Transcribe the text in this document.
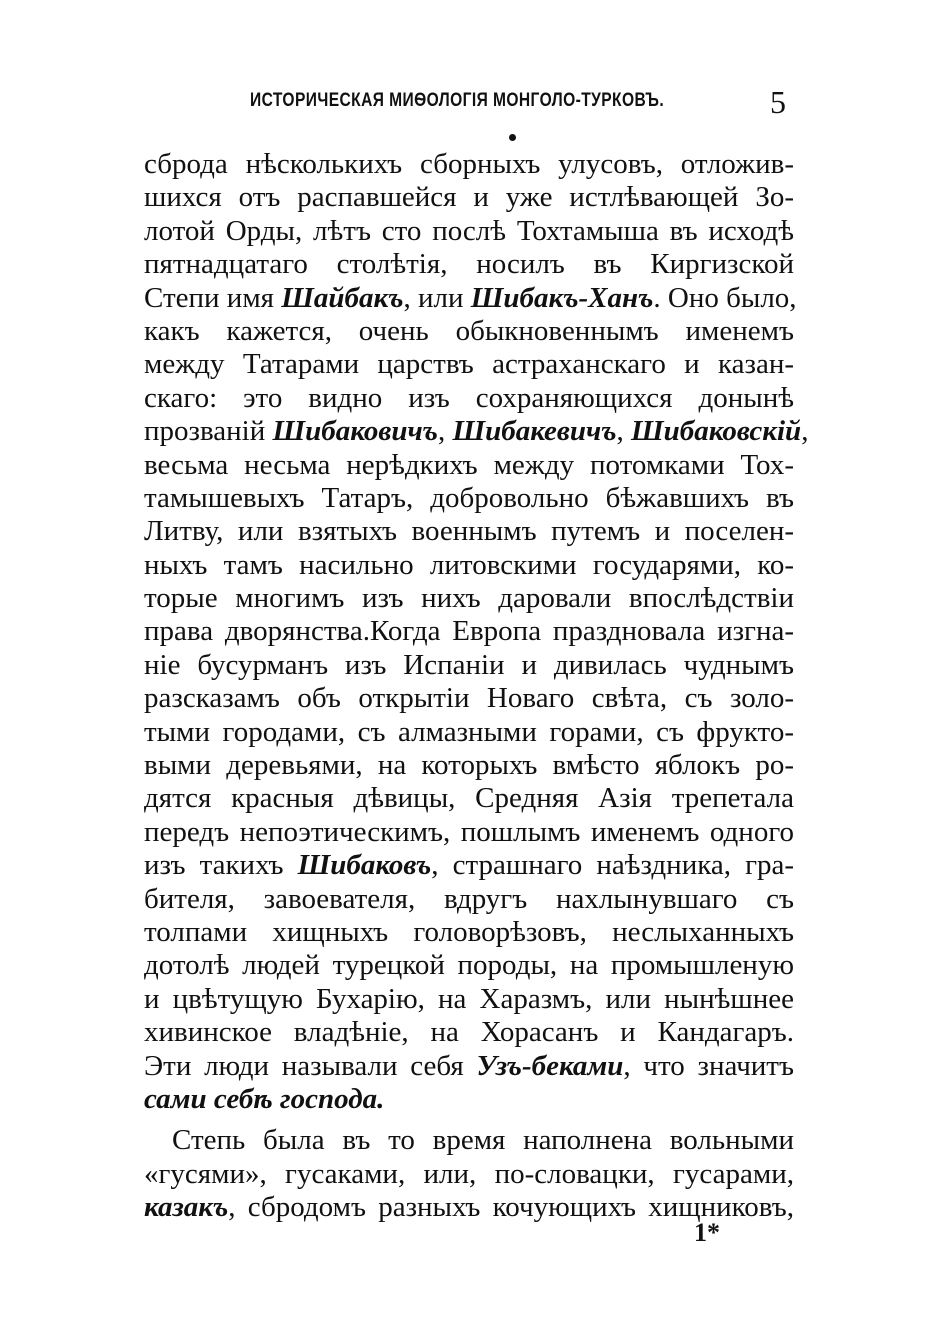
ИСТОРИЧЕСКАЯ МИѲОЛОГІЯ МОНГОЛО-ТУРКОВЪ.	5
сброда нѣсколькихъ сборныхъ улусовъ, отложив-
шихся отъ распавшейся и уже истлѣвающей Зо-
лотой Орды, лѣтъ сто послѣ Тохтамыша въ исходѣ
пятнадцатаго столѣтія, носилъ въ Киргизской
Степи имя Шайбакъ, или Шибакъ-Ханъ. Оно было,
какъ кажется, очень обыкновеннымъ именемъ
между Татарами царствъ астраханскаго и казан-
скаго: это видно изъ сохраняющихся донынѣ
прозваній Шибаковичъ, Шибакевичъ, Шибаковскій,
весьма несьма нерѣдкихъ между потомками Тох-
тамышевыхъ Татаръ, добровольно бѣжавшихъ въ
Литву, или взятыхъ военнымъ путемъ и поселен-
ныхъ тамъ насильно литовскими государями, ко-
торые многимъ изъ нихъ даровали впослѣдствіи
права дворянства.Когда Европа праздновала изгна-
ніе бусурманъ изъ Испаніи и дивилась чуднымъ
разсказамъ объ открытіи Новаго свѣта, съ золо-
тыми городами, съ алмазными горами, съ фрукто-
выми деревьями, на которыхъ вмѣсто яблокъ ро-
дятся красныя дѣвицы, Средняя Азія трепетала
передъ непоэтическимъ, пошлымъ именемъ одного
изъ такихъ Шибаковъ, страшнаго наѣздника, гра-
бителя, завоевателя, вдругъ нахлынувшаго съ
толпами хищныхъ головорѣзовъ, неслыханныхъ
дотолѣ людей турецкой породы, на промышленую
и цвѣтущую Бухарію, на Харазмъ, или нынѣшнее
хивинское владѣніе, на Хорасанъ и Кандагаръ.
Эти люди называли себя Узъ-беками, что значитъ
сами себѣ господа.
Степь была въ то время наполнена вольными
«гусями», гусаками, или, по-словацки, гусарами,
казакъ, сбродомъ разныхъ кочующихъ хищниковъ,
1*
